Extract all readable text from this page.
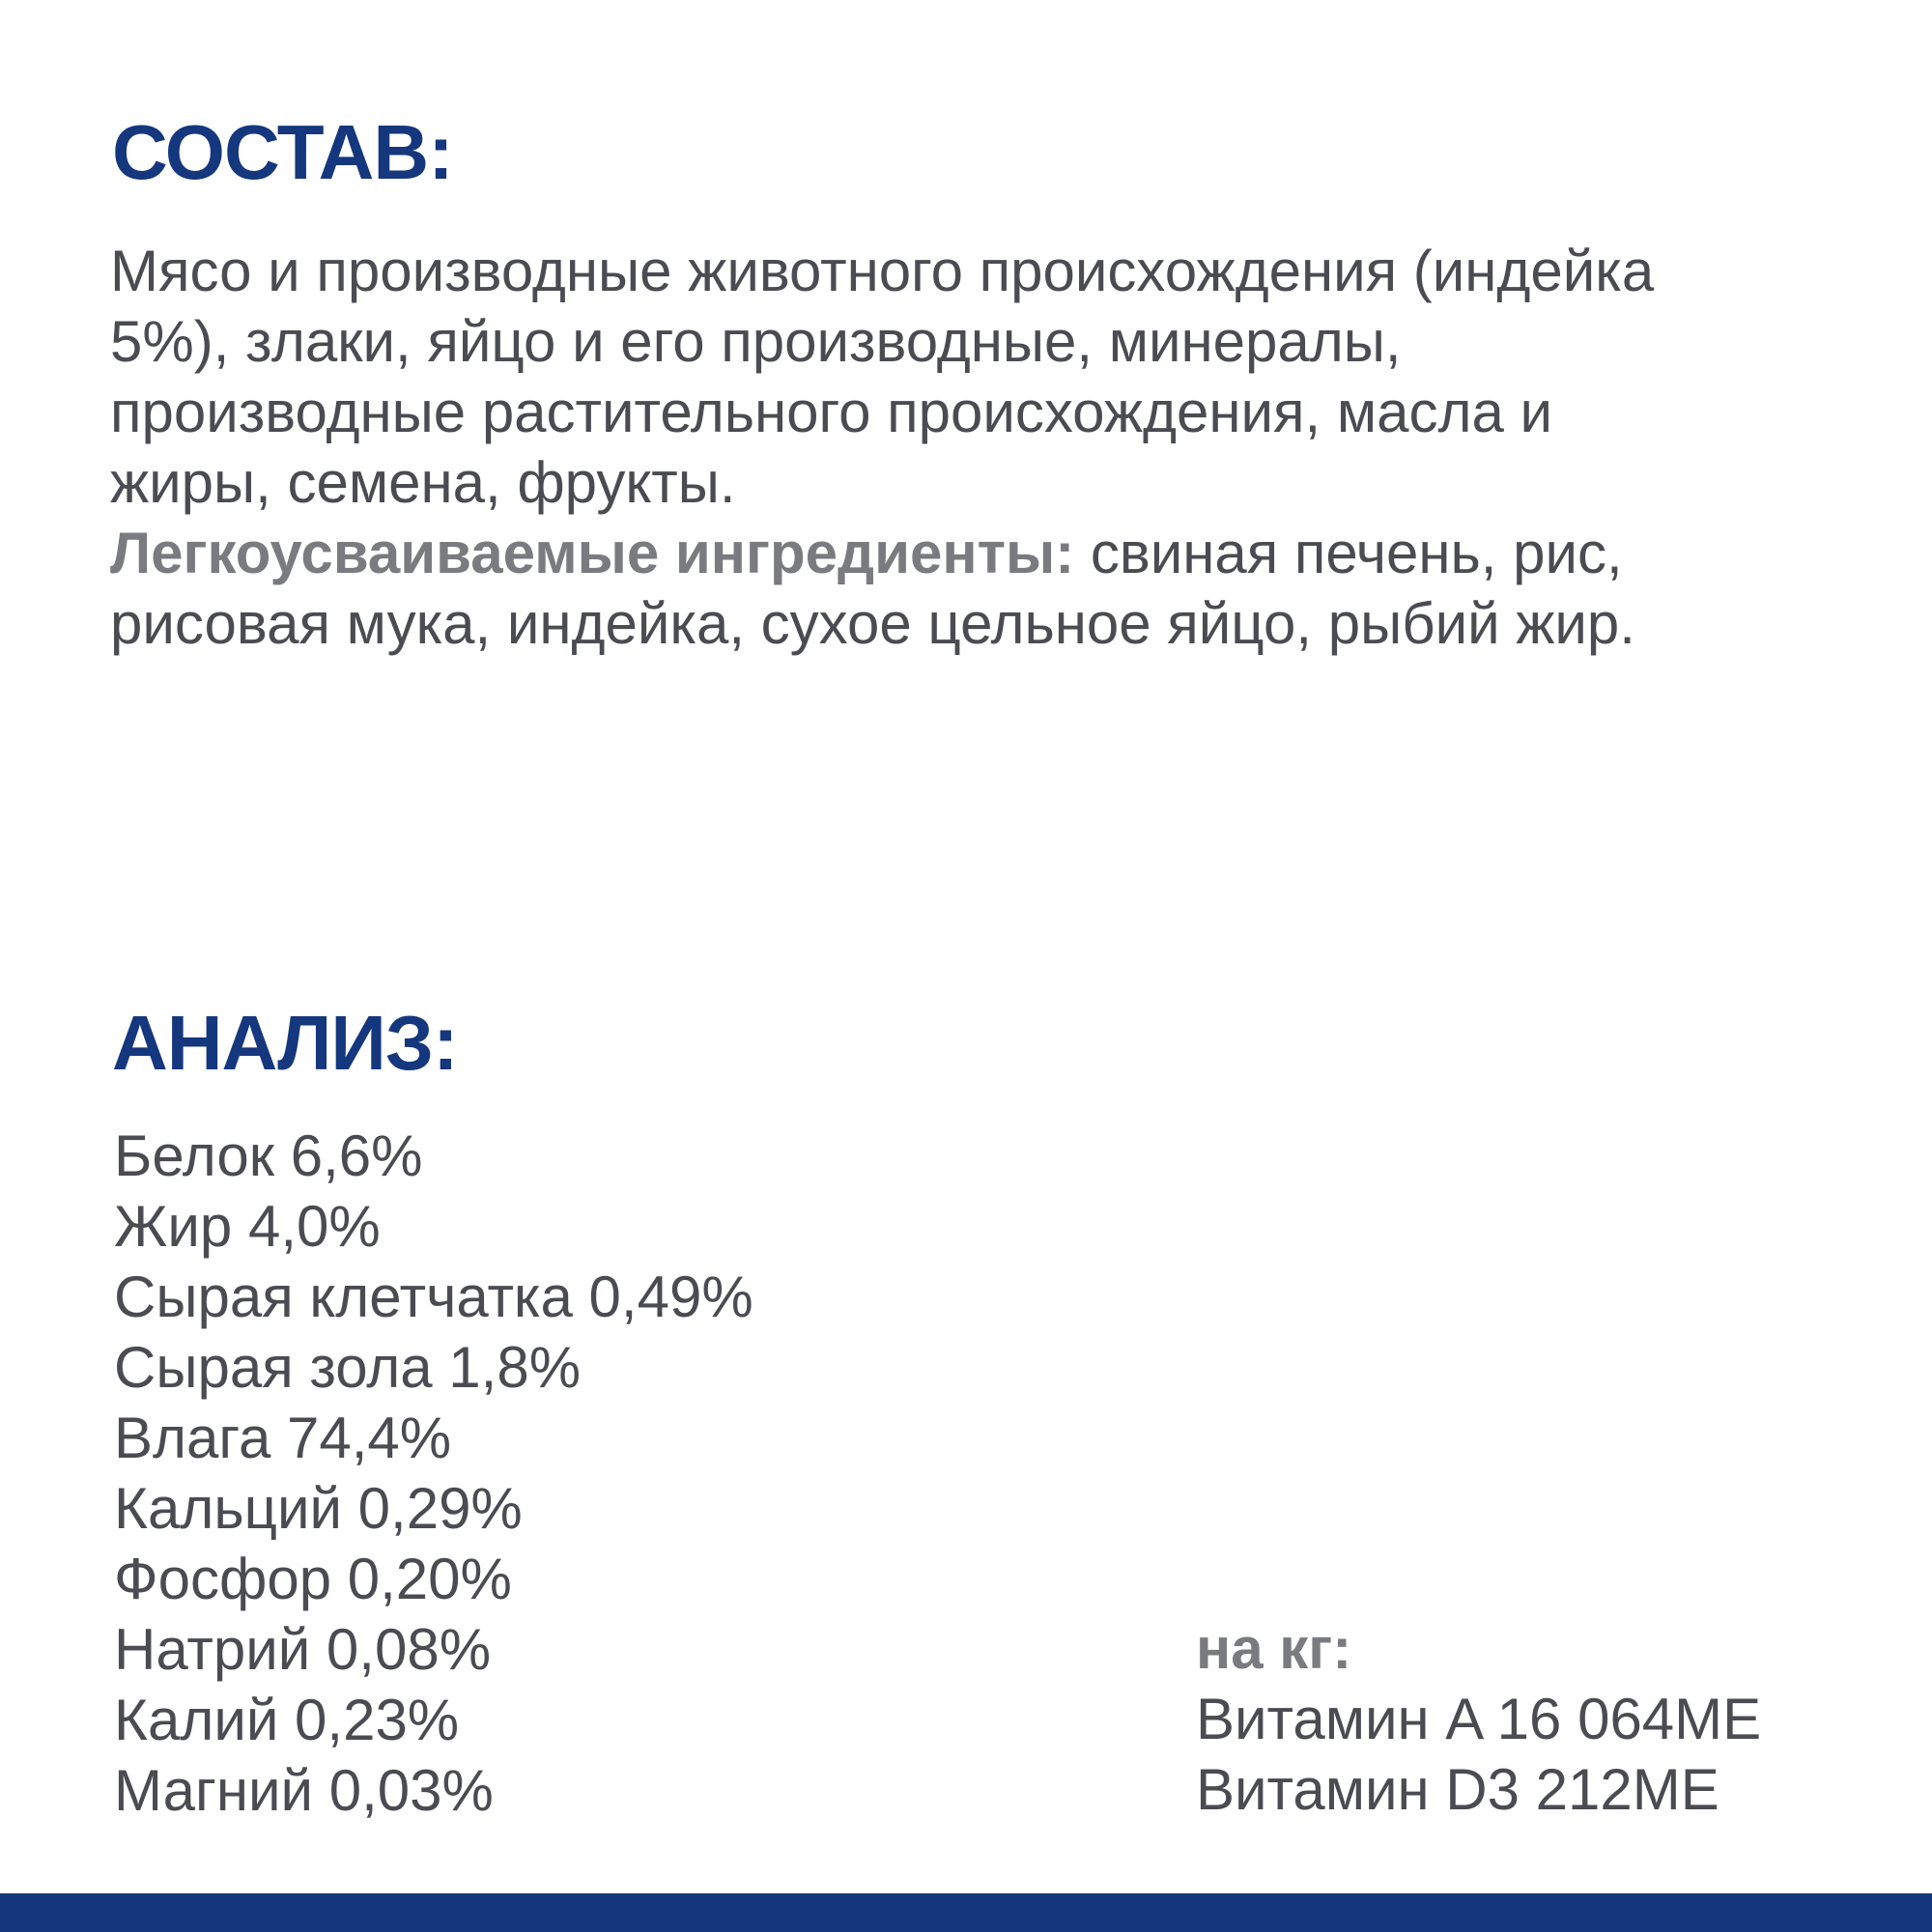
СОСТАВ:

Мясо и производные животного происхождения (индейка
5%), злаки, яйцо и его производные, минералы,
производные растительного происхождения, масла и
жиры, семена, фрукты.
Легкоусваиваемые ингредиенты: свиная печень, рис,
рисовая мука, индейка, сухое цельное яйцо, рыбий жир.

АНАЛИЗ:
Белок 6,6%
Жир 4,0%
Сырая клетчатка 0,49%
Сырая зола 1,8%
Влага 74,4%
Кальций 0,29%
Фосфор 0,20%
Натрий 0,08%
Калий 0,23%
Магний 0,03%
на кг:
Витамин A 16 064МЕ
Витамин D3 212МЕ
